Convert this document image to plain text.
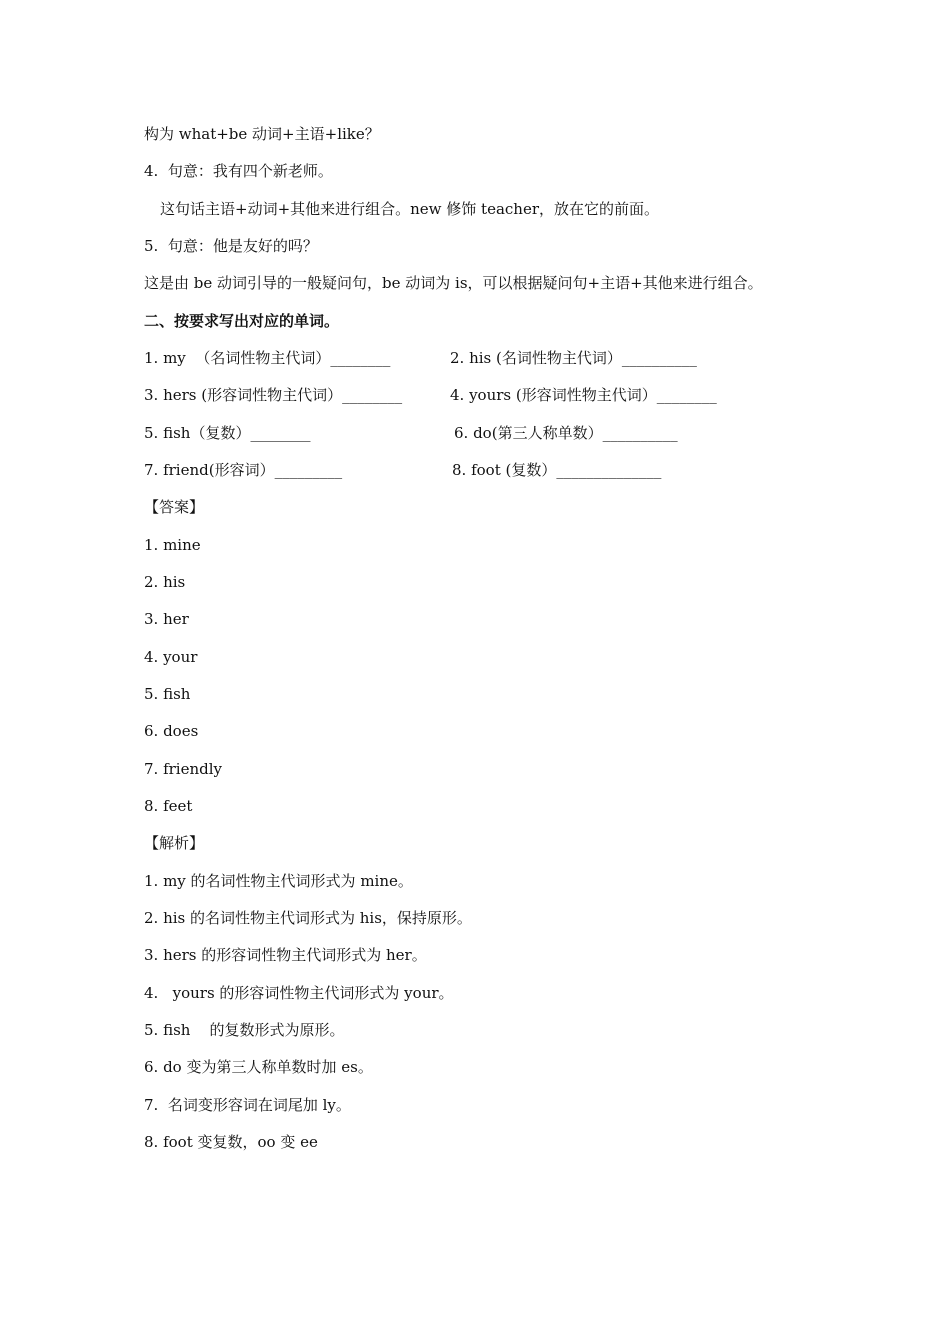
构为 what+be 动词+主语+like？
4.  句意：我有四个新老师。
这句话主语+动词+其他来进行组合。new 修饰 teacher，放在它的前面。
5.  句意：他是友好的吗？
这是由 be 动词引导的一般疑问句，be 动词为 is，可以根据疑问句+主语+其他来进行组合。
二、按要求写出对应的单词。
1. my  （名词性物主代词）________	2. his (名词性物主代词）__________
3. hers (形容词性物主代词）________	4. yours (形容词性物主代词）________
5. fish（复数）________	6. do(第三人称单数）__________
7. friend(形容词）_________	8. foot (复数）______________
【答案】
1. mine
2. his
3. her
4. your
5. fish
6. does
7. friendly
8. feet
【解析】
1. my 的名词性物主代词形式为 mine。
2. his 的名词性物主代词形式为 his，保持原形。
3. hers 的形容词性物主代词形式为 her。
4.   yours 的形容词性物主代词形式为 your。
5. fish    的复数形式为原形。
6. do 变为第三人称单数时加 es。
7.  名词变形容词在词尾加 ly。
8. foot 变复数，oo 变 ee
